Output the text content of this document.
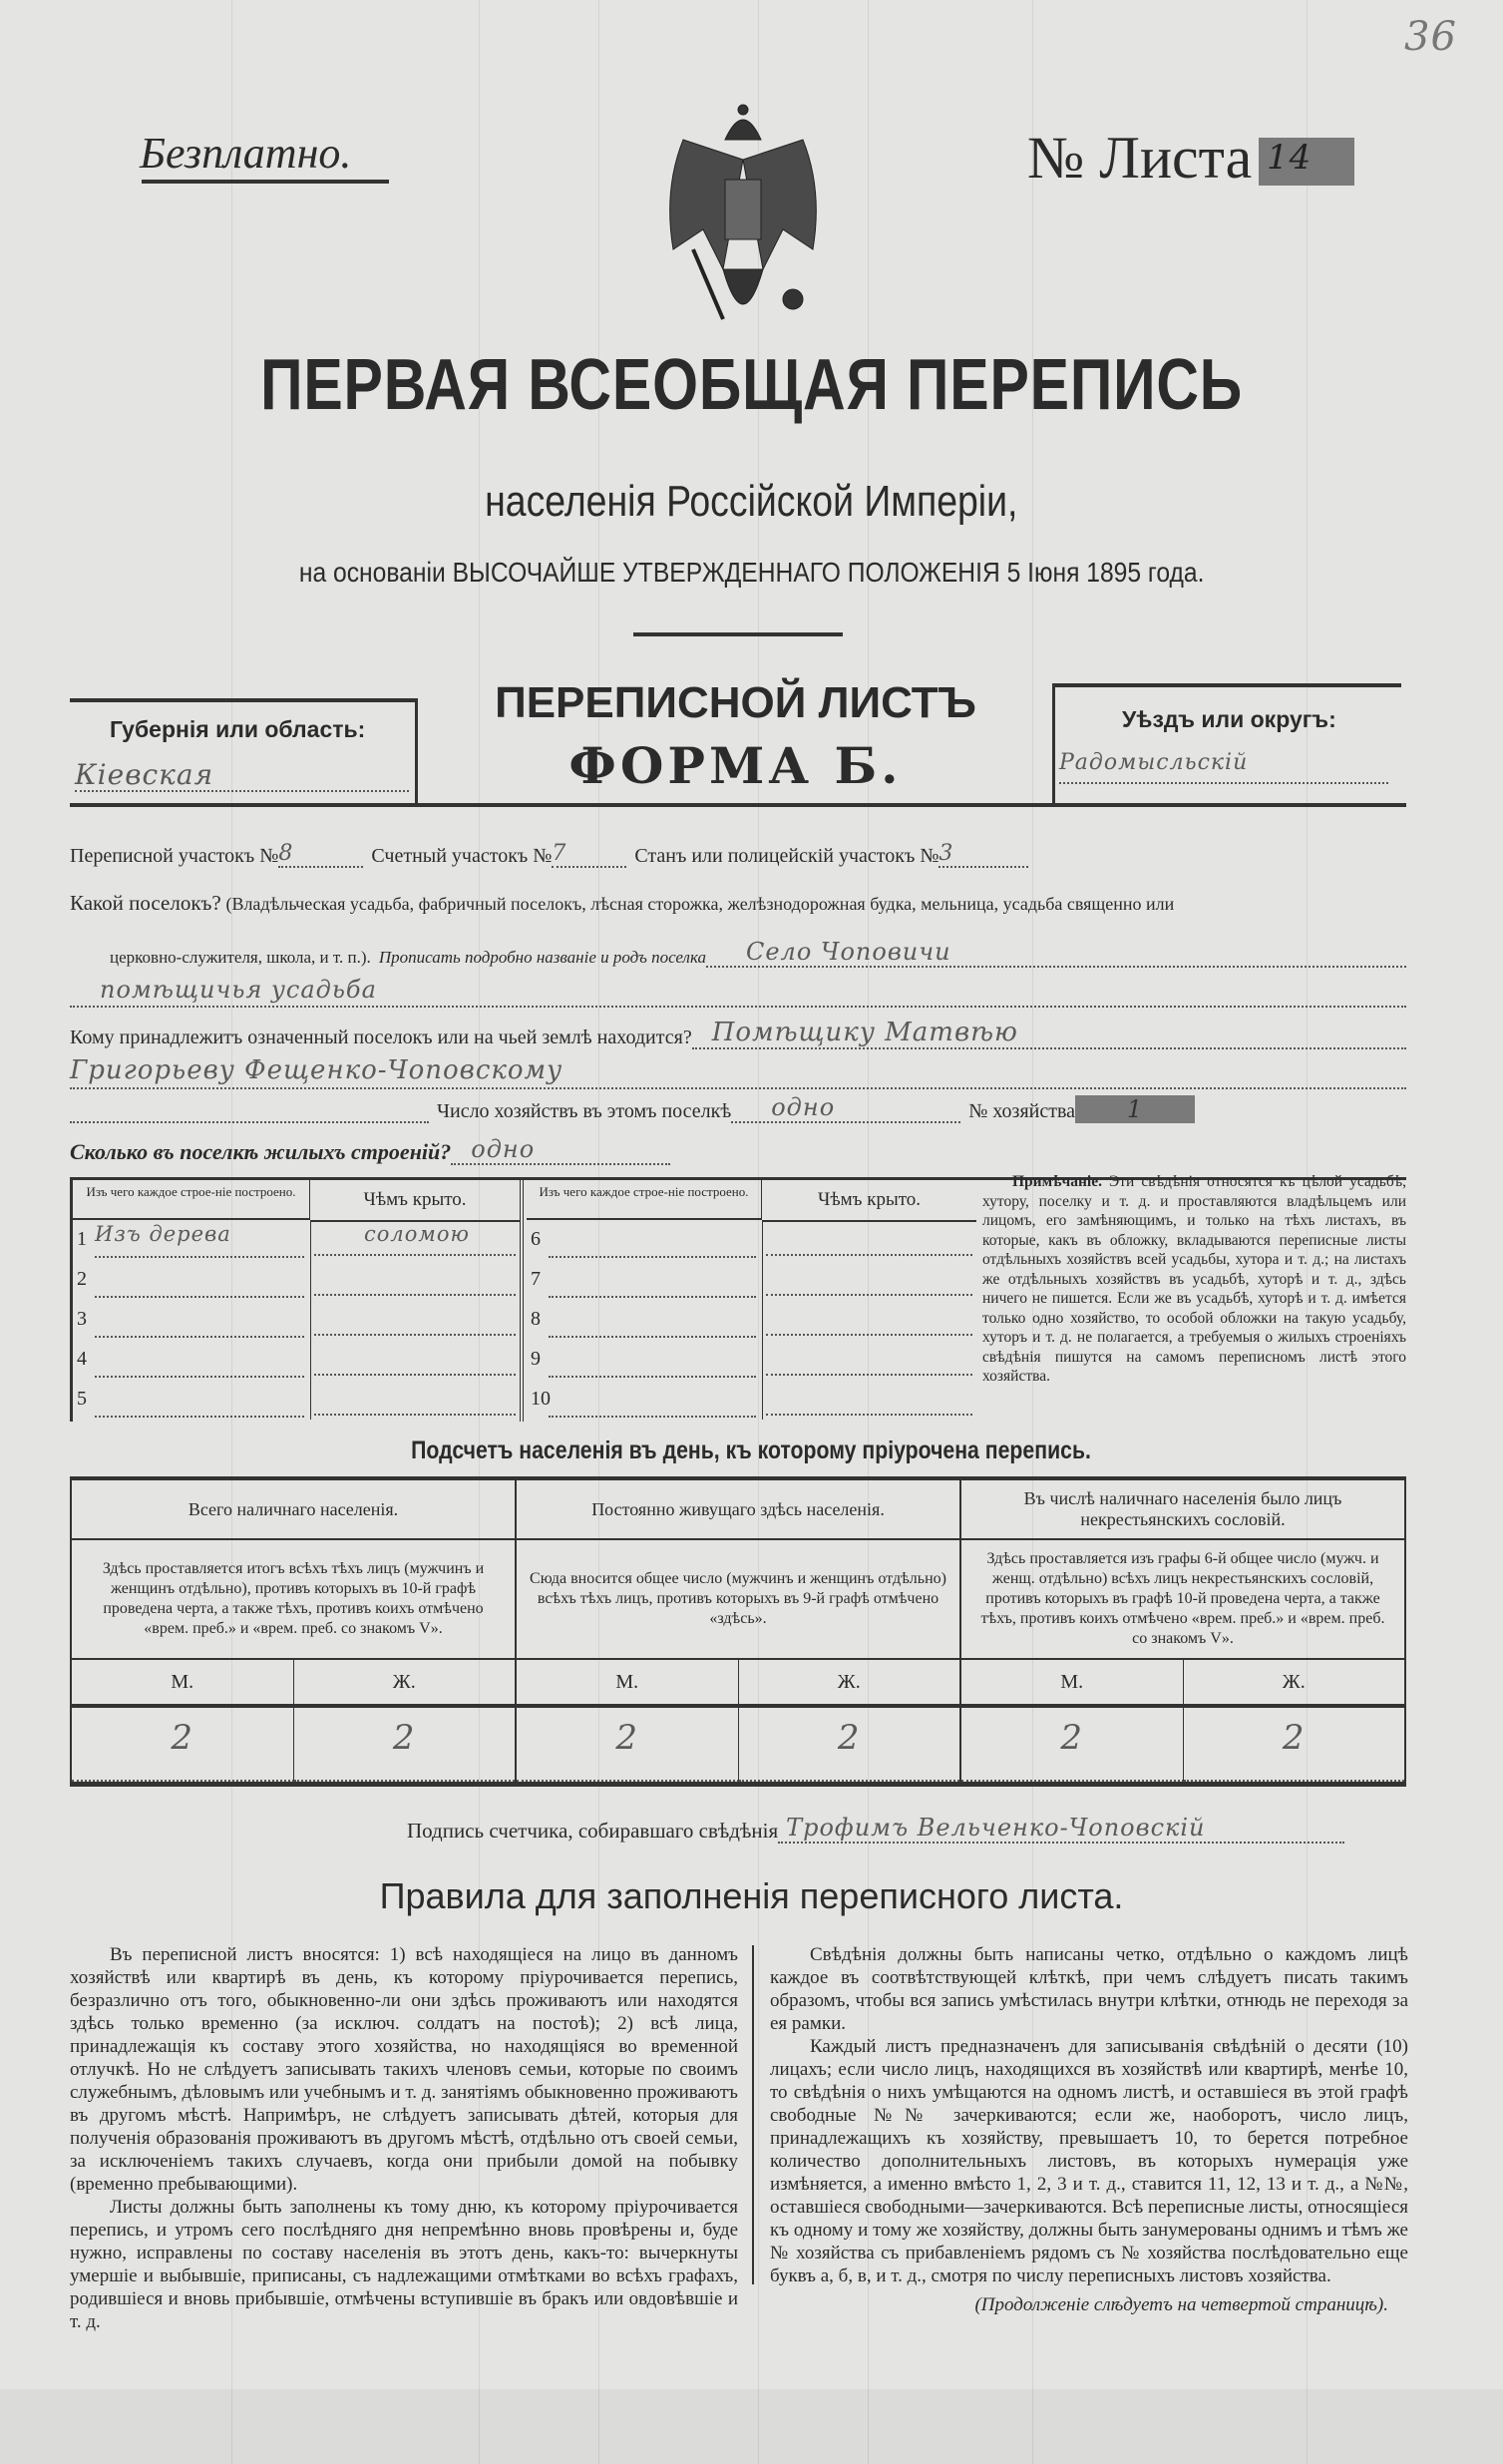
36
Безплатно.	№ Листа 14
ПЕРВАЯ ВСЕОБЩАЯ ПЕРЕПИСЬ
населенія Россійской Имперіи,
на основаніи ВЫСОЧАЙШЕ УТВЕРЖДЕННАГО ПОЛОЖЕНІЯ 5 Іюня 1895 года.
Губернія или область:
Кіевская
ПЕРЕПИСНОЙ ЛИСТЪ
ФОРМА Б.
Уѣздъ или округъ:
Радомысльскій
Переписной участокъ № 8	Счетный участокъ № 7	Станъ или полицейскій участокъ № 3
Какой поселокъ? (Владѣльческая усадьба, фабричный поселокъ, лѣсная сторожка, желѣзнодорожная будка, мельница, усадьба священно или
церковно-служителя, школа, и т. п.). Прописать подробно названіе и родъ поселка	Село Чоповичи
помѣщичья усадьба
Кому принадлежитъ означенный поселокъ или на чьей землѣ находится? Помѣщику Матвѣю
Григорьеву Фещенко-Чоповскому
Число хозяйствъ въ этомъ поселкѣ	одно	№ хозяйства	1
Сколько въ поселкѣ жилыхъ строеній? одно
Изъ чего каждое строе-ніе построено.	Чѣмъ крыто.
1 Изъ дерева	соломою
2
3
4
5
Изъ чего каждое строе-ніе построено.	Чѣмъ крыто.
6
7
8
9
10
Примѣчаніе. Эти свѣдѣнія относятся къ цѣлой усадьбѣ, хутору, поселку и т. д. и проставляются владѣльцемъ или лицомъ, его замѣняющимъ, и только на тѣхъ листахъ, въ которые, какъ въ обложку, вкладываются переписные листы отдѣльныхъ хозяйствъ всей усадьбы, хутора и т. д.; на листахъ же отдѣльныхъ хозяйствъ въ усадьбѣ, хуторѣ и т. д., здѣсь ничего не пишется. Если же въ усадьбѣ, хуторѣ и т. д. имѣется только одно хозяйство, то особой обложки на такую усадьбу, хуторъ и т. д. не полагается, а требуемыя о жилыхъ строеніяхъ свѣдѣнія пишутся на самомъ переписномъ листѣ этого хозяйства.
Подсчетъ населенія въ день, къ которому пріурочена перепись.
Всего наличнаго населенія.
Здѣсь проставляется итогъ всѣхъ тѣхъ лицъ (мужчинъ и женщинъ отдѣльно), противъ которыхъ въ 10-й графѣ проведена черта, а также тѣхъ, противъ коихъ отмѣчено «врем. преб.» и «врем. преб. со знакомъ V».
М.	Ж.
2	2
Постоянно живущаго здѣсь населенія.
Сюда вносится общее число (мужчинъ и женщинъ отдѣльно) всѣхъ тѣхъ лицъ, противъ которыхъ въ 9-й графѣ отмѣчено «здѣсь».
М.	Ж.
2	2
Въ числѣ наличнаго населенія было лицъ некрестьянскихъ сословій.
Здѣсь проставляется изъ графы 6-й общее число (мужч. и женщ. отдѣльно) всѣхъ лицъ некрестьянскихъ сословій, противъ которыхъ въ графѣ 10-й проведена черта, а также тѣхъ, противъ коихъ отмѣчено «врем. преб.» и «врем. преб. со знакомъ V».
М.	Ж.
2	2
Подпись счетчика, собиравшаго свѣдѣнія Трофимъ Вельченко-Чоповскій
Правила для заполненія переписного листа.

Въ переписной листъ вносятся: 1) всѣ находящіеся на лицо въ данномъ хозяйствѣ или квартирѣ въ день, къ которому пріурочивается перепись, безразлично отъ того, обыкновенно-ли они здѣсь проживаютъ или находятся здѣсь только временно (за исключ. солдатъ на постоѣ); 2) всѣ лица, принадлежащія къ составу этого хозяйства, но находящіяся во временной отлучкѣ. Но не слѣдуетъ записывать такихъ членовъ семьи, которые по своимъ служебнымъ, дѣловымъ или учебнымъ и т. д. занятіямъ обыкновенно проживаютъ въ другомъ мѣстѣ. Напримѣръ, не слѣдуетъ записывать дѣтей, которыя для полученія образованія проживаютъ въ другомъ мѣстѣ, отдѣльно отъ своей семьи, за исключеніемъ такихъ случаевъ, когда они прибыли домой на побывку (временно пребывающими).

Листы должны быть заполнены къ тому дню, къ которому пріурочивается перепись, и утромъ сего послѣдняго дня непремѣнно вновь провѣрены и, буде нужно, исправлены по составу населенія въ этотъ день, какъ-то: вычеркнуты умершіе и выбывшіе, приписаны, съ надлежащими отмѣтками во всѣхъ графахъ, родившіеся и вновь прибывшіе, отмѣчены вступившіе въ бракъ или овдовѣвшіе и т. д.

Свѣдѣнія должны быть написаны четко, отдѣльно о каждомъ лицѣ каждое въ соотвѣтствующей клѣткѣ, при чемъ слѣдуетъ писать такимъ образомъ, чтобы вся запись умѣстилась внутри клѣтки, отнюдь не переходя за ея рамки.

Каждый листъ предназначенъ для записыванія свѣдѣній о десяти (10) лицахъ; если число лицъ, находящихся въ хозяйствѣ или квартирѣ, менѣе 10, то свѣдѣнія о нихъ умѣщаются на одномъ листѣ, и оставшіеся въ этой графѣ свободные №№ зачеркиваются; если же, наоборотъ, число лицъ, принадлежащихъ къ хозяйству, превышаетъ 10, то берется потребное количество дополнительныхъ листовъ, въ которыхъ нумерація уже измѣняется, а именно вмѣсто 1, 2, 3 и т. д., ставится 11, 12, 13 и т. д., а №№, оставшіеся свободными—зачеркиваются. Всѣ переписные листы, относящіеся къ одному и тому же хозяйству, должны быть занумерованы однимъ и тѣмъ же № хозяйства съ прибавленіемъ рядомъ съ № хозяйства послѣдовательно еще буквъ а, б, в, и т. д., смотря по числу переписныхъ листовъ хозяйства.

(Продолженіе слѣдуетъ на четвертой страницѣ).
